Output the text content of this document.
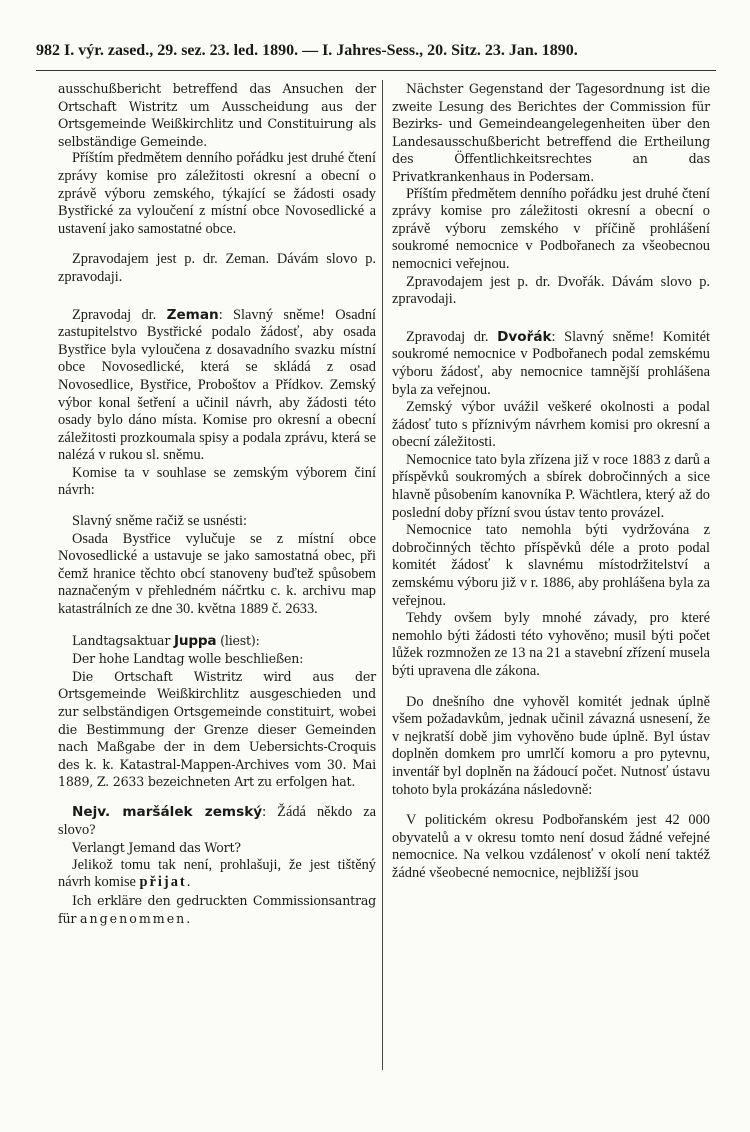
982 I. výr. zased., 29. sez. 23. led. 1890. — I. Jahres-Sess., 20. Sitz. 23. Jan. 1890.

ausschußbericht betreffend das Ansuchen der Ortschaft Wistritz um Ausscheidung aus der Ortsgemeinde Weißkirchlitz und Constituirung als selbständige Gemeinde.

Příštím předmětem denního pořádku jest druhé čtení zprávy komise pro záležitosti okresní a obecní o zprávě výboru zemského, týkající se žádosti osady Bystřické za vyloučení z místní obce Novosedlické a ustavení jako samostatné obce.

Zpravodajem jest p. dr. Zeman. Dávám slovo p. zpravodaji.

Zpravodaj dr. Zeman: Slavný sněme! Osadní zastupitelstvo Bystřické podalo žádosť, aby osada Bystřice byla vyloučena z dosavadního svazku místní obce Novosedlické, která se skládá z osad Novosedlice, Bystřice, Proboštov a Přídkov. Zemský výbor konal šetření a učinil návrh, aby žádosti této osady bylo dáno místa. Komise pro okresní a obecní záležitosti prozkoumala spisy a podala zprávu, která se nalézá v rukou sl. sněmu.

Komise ta v souhlase se zemským výborem činí návrh:

Slavný sněme račiž se usnésti:

Osada Bystřice vylučuje se z místní obce Novosedlické a ustavuje se jako samostatná obec, při čemž hranice těchto obcí stanoveny buďtež spůsobem naznačeným v přehledném náčrtku c. k. archivu map katastrálních ze dne 30. května 1889 č. 2633.

Landtagsaktuar Juppa (liest):

Der hohe Landtag wolle beschließen:

Die Ortschaft Wistritz wird aus der Ortsgemeinde Weißkirchlitz ausgeschieden und zur selbständigen Ortsgemeinde constituirt, wobei die Bestimmung der Grenze dieser Gemeinden nach Maßgabe der in dem Uebersichts-Croquis des k. k. Katastral-Mappen-Archives vom 30. Mai 1889, Z. 2633 bezeichneten Art zu erfolgen hat.

Nejv. maršálek zemský: Žádá někdo za slovo?

Verlangt Jemand das Wort?

Jelikož tomu tak není, prohlašuji, že jest tištěný návrh komise přijat.

Ich erkläre den gedruckten Commissionsantrag für angenommen.

Nächster Gegenstand der Tagesordnung ist die zweite Lesung des Berichtes der Commission für Bezirks- und Gemeindeangelegenheiten über den Landesausschußbericht betreffend die Ertheilung des Öffentlichkeitsrechtes an das Privatkrankenhaus in Podersam.

Příštím předmětem denního pořádku jest druhé čtení zprávy komise pro záležitosti okresní a obecní o zprávě výboru zemského v příčině prohlášení soukromé nemocnice v Podbořanech za všeobecnou nemocnici veřejnou.

Zpravodajem jest p. dr. Dvořák. Dávám slovo p. zpravodaji.

Zpravodaj dr. Dvořák: Slavný sněme! Komitét soukromé nemocnice v Podbořanech podal zemskému výboru žádosť, aby nemocnice tamnější prohlášena byla za veřejnou.

Zemský výbor uvážil veškeré okolnosti a podal žádosť tuto s příznivým návrhem komisi pro okresní a obecní záležitosti.

Nemocnice tato byla zřízena již v roce 1883 z darů a příspěvků soukromých a sbírek dobročinných a sice hlavně působením kanovníka P. Wächtlera, který až do poslední doby přízní svou ústav tento provázel.

Nemocnice tato nemohla býti vydržována z dobročinných těchto příspěvků déle a proto podal komitét žádosť k slavnému místodržitelství a zemskému výboru již v r. 1886, aby prohlášena byla za veřejnou.

Tehdy ovšem byly mnohé závady, pro které nemohlo býti žádosti této vyhověno; musil býti počet lůžek rozmnožen ze 13 na 21 a stavební zřízení musela býti upravena dle zákona.

Do dnešního dne vyhověl komitét jednak úplně všem požadavkům, jednak učinil závazná usnesení, že v nejkratší době jim vyhověno bude úplně. Byl ústav doplněn domkem pro umrlčí komoru a pro pytevnu, inventář byl doplněn na žádoucí počet. Nutnosť ústavu tohoto byla prokázána následovně:

V politickém okresu Podbořanském jest 42 000 obyvatelů a v okresu tomto není dosud žádné veřejné nemocnice. Na velkou vzdálenosť v okolí není taktéž žádné všeobecné nemocnice, nejbližší jsou
